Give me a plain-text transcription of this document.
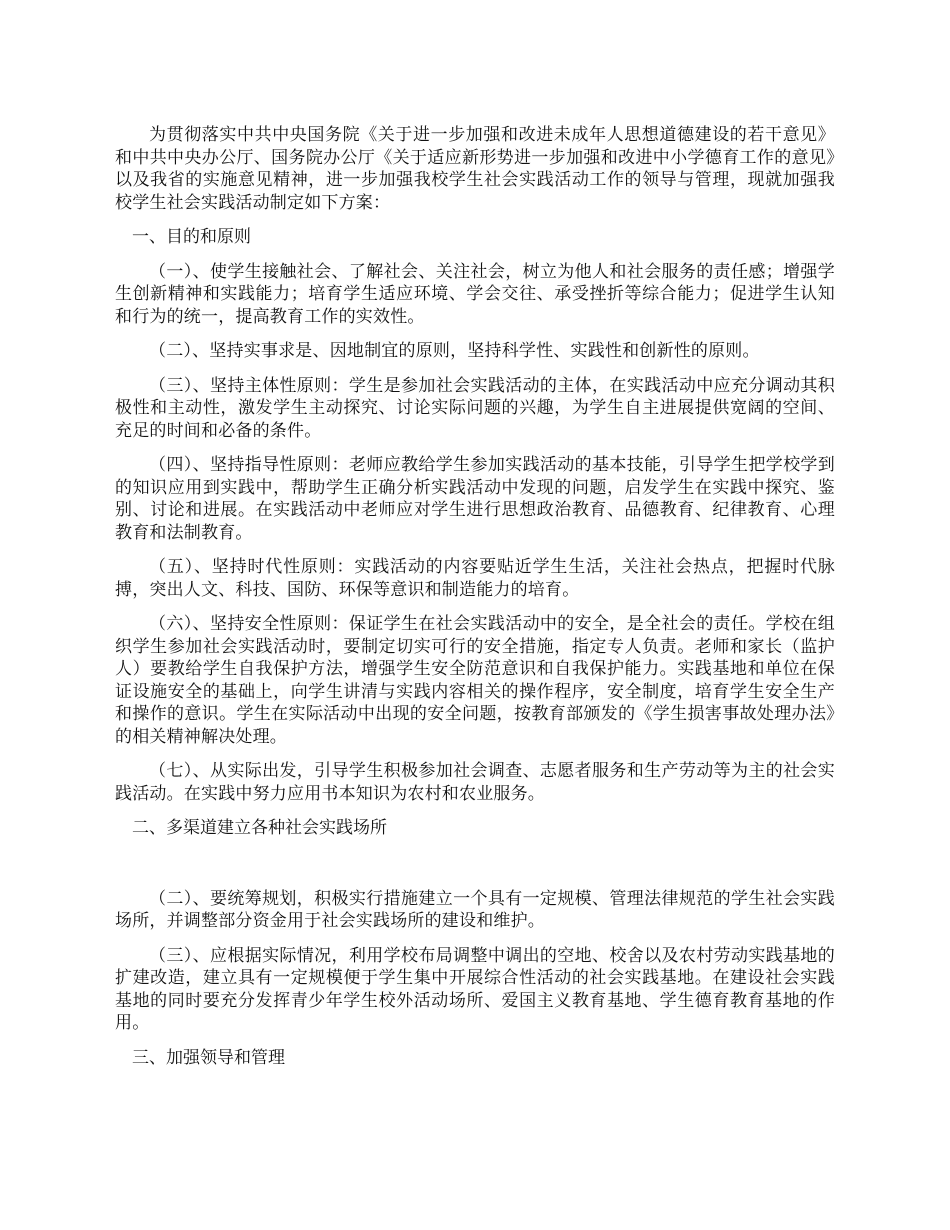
为贯彻落实中共中央国务院《关于进一步加强和改进未成年人思想道德建设的若干意见》和中共中央办公厅、国务院办公厅《关于适应新形势进一步加强和改进中小学德育工作的意见》以及我省的实施意见精神，进一步加强我校学生社会实践活动工作的领导与管理，现就加强我校学生社会实践活动制定如下方案：

一、目的和原则

（一）、使学生接触社会、了解社会、关注社会，树立为他人和社会服务的责任感；增强学生创新精神和实践能力；培育学生适应环境、学会交往、承受挫折等综合能力；促进学生认知和行为的统一，提高教育工作的实效性。

（二）、坚持实事求是、因地制宜的原则，坚持科学性、实践性和创新性的原则。

（三）、坚持主体性原则：学生是参加社会实践活动的主体，在实践活动中应充分调动其积极性和主动性，激发学生主动探究、讨论实际问题的兴趣，为学生自主进展提供宽阔的空间、充足的时间和必备的条件。

（四）、坚持指导性原则：老师应教给学生参加实践活动的基本技能，引导学生把学校学到的知识应用到实践中，帮助学生正确分析实践活动中发现的问题，启发学生在实践中探究、鉴别、讨论和进展。在实践活动中老师应对学生进行思想政治教育、品德教育、纪律教育、心理教育和法制教育。

（五）、坚持时代性原则：实践活动的内容要贴近学生生活，关注社会热点，把握时代脉搏，突出人文、科技、国防、环保等意识和制造能力的培育。

（六）、坚持安全性原则：保证学生在社会实践活动中的安全，是全社会的责任。学校在组织学生参加社会实践活动时，要制定切实可行的安全措施，指定专人负责。老师和家长（监护人）要教给学生自我保护方法，增强学生安全防范意识和自我保护能力。实践基地和单位在保证设施安全的基础上，向学生讲清与实践内容相关的操作程序，安全制度，培育学生安全生产和操作的意识。学生在实际活动中出现的安全问题，按教育部颁发的《学生损害事故处理办法》的相关精神解决处理。

（七）、从实际出发，引导学生积极参加社会调查、志愿者服务和生产劳动等为主的社会实践活动。在实践中努力应用书本知识为农村和农业服务。

二、多渠道建立各种社会实践场所

（二）、要统筹规划，积极实行措施建立一个具有一定规模、管理法律规范的学生社会实践场所，并调整部分资金用于社会实践场所的建设和维护。

（三）、应根据实际情况，利用学校布局调整中调出的空地、校舍以及农村劳动实践基地的扩建改造，建立具有一定规模便于学生集中开展综合性活动的社会实践基地。在建设社会实践基地的同时要充分发挥青少年学生校外活动场所、爱国主义教育基地、学生德育教育基地的作用。

三、加强领导和管理
